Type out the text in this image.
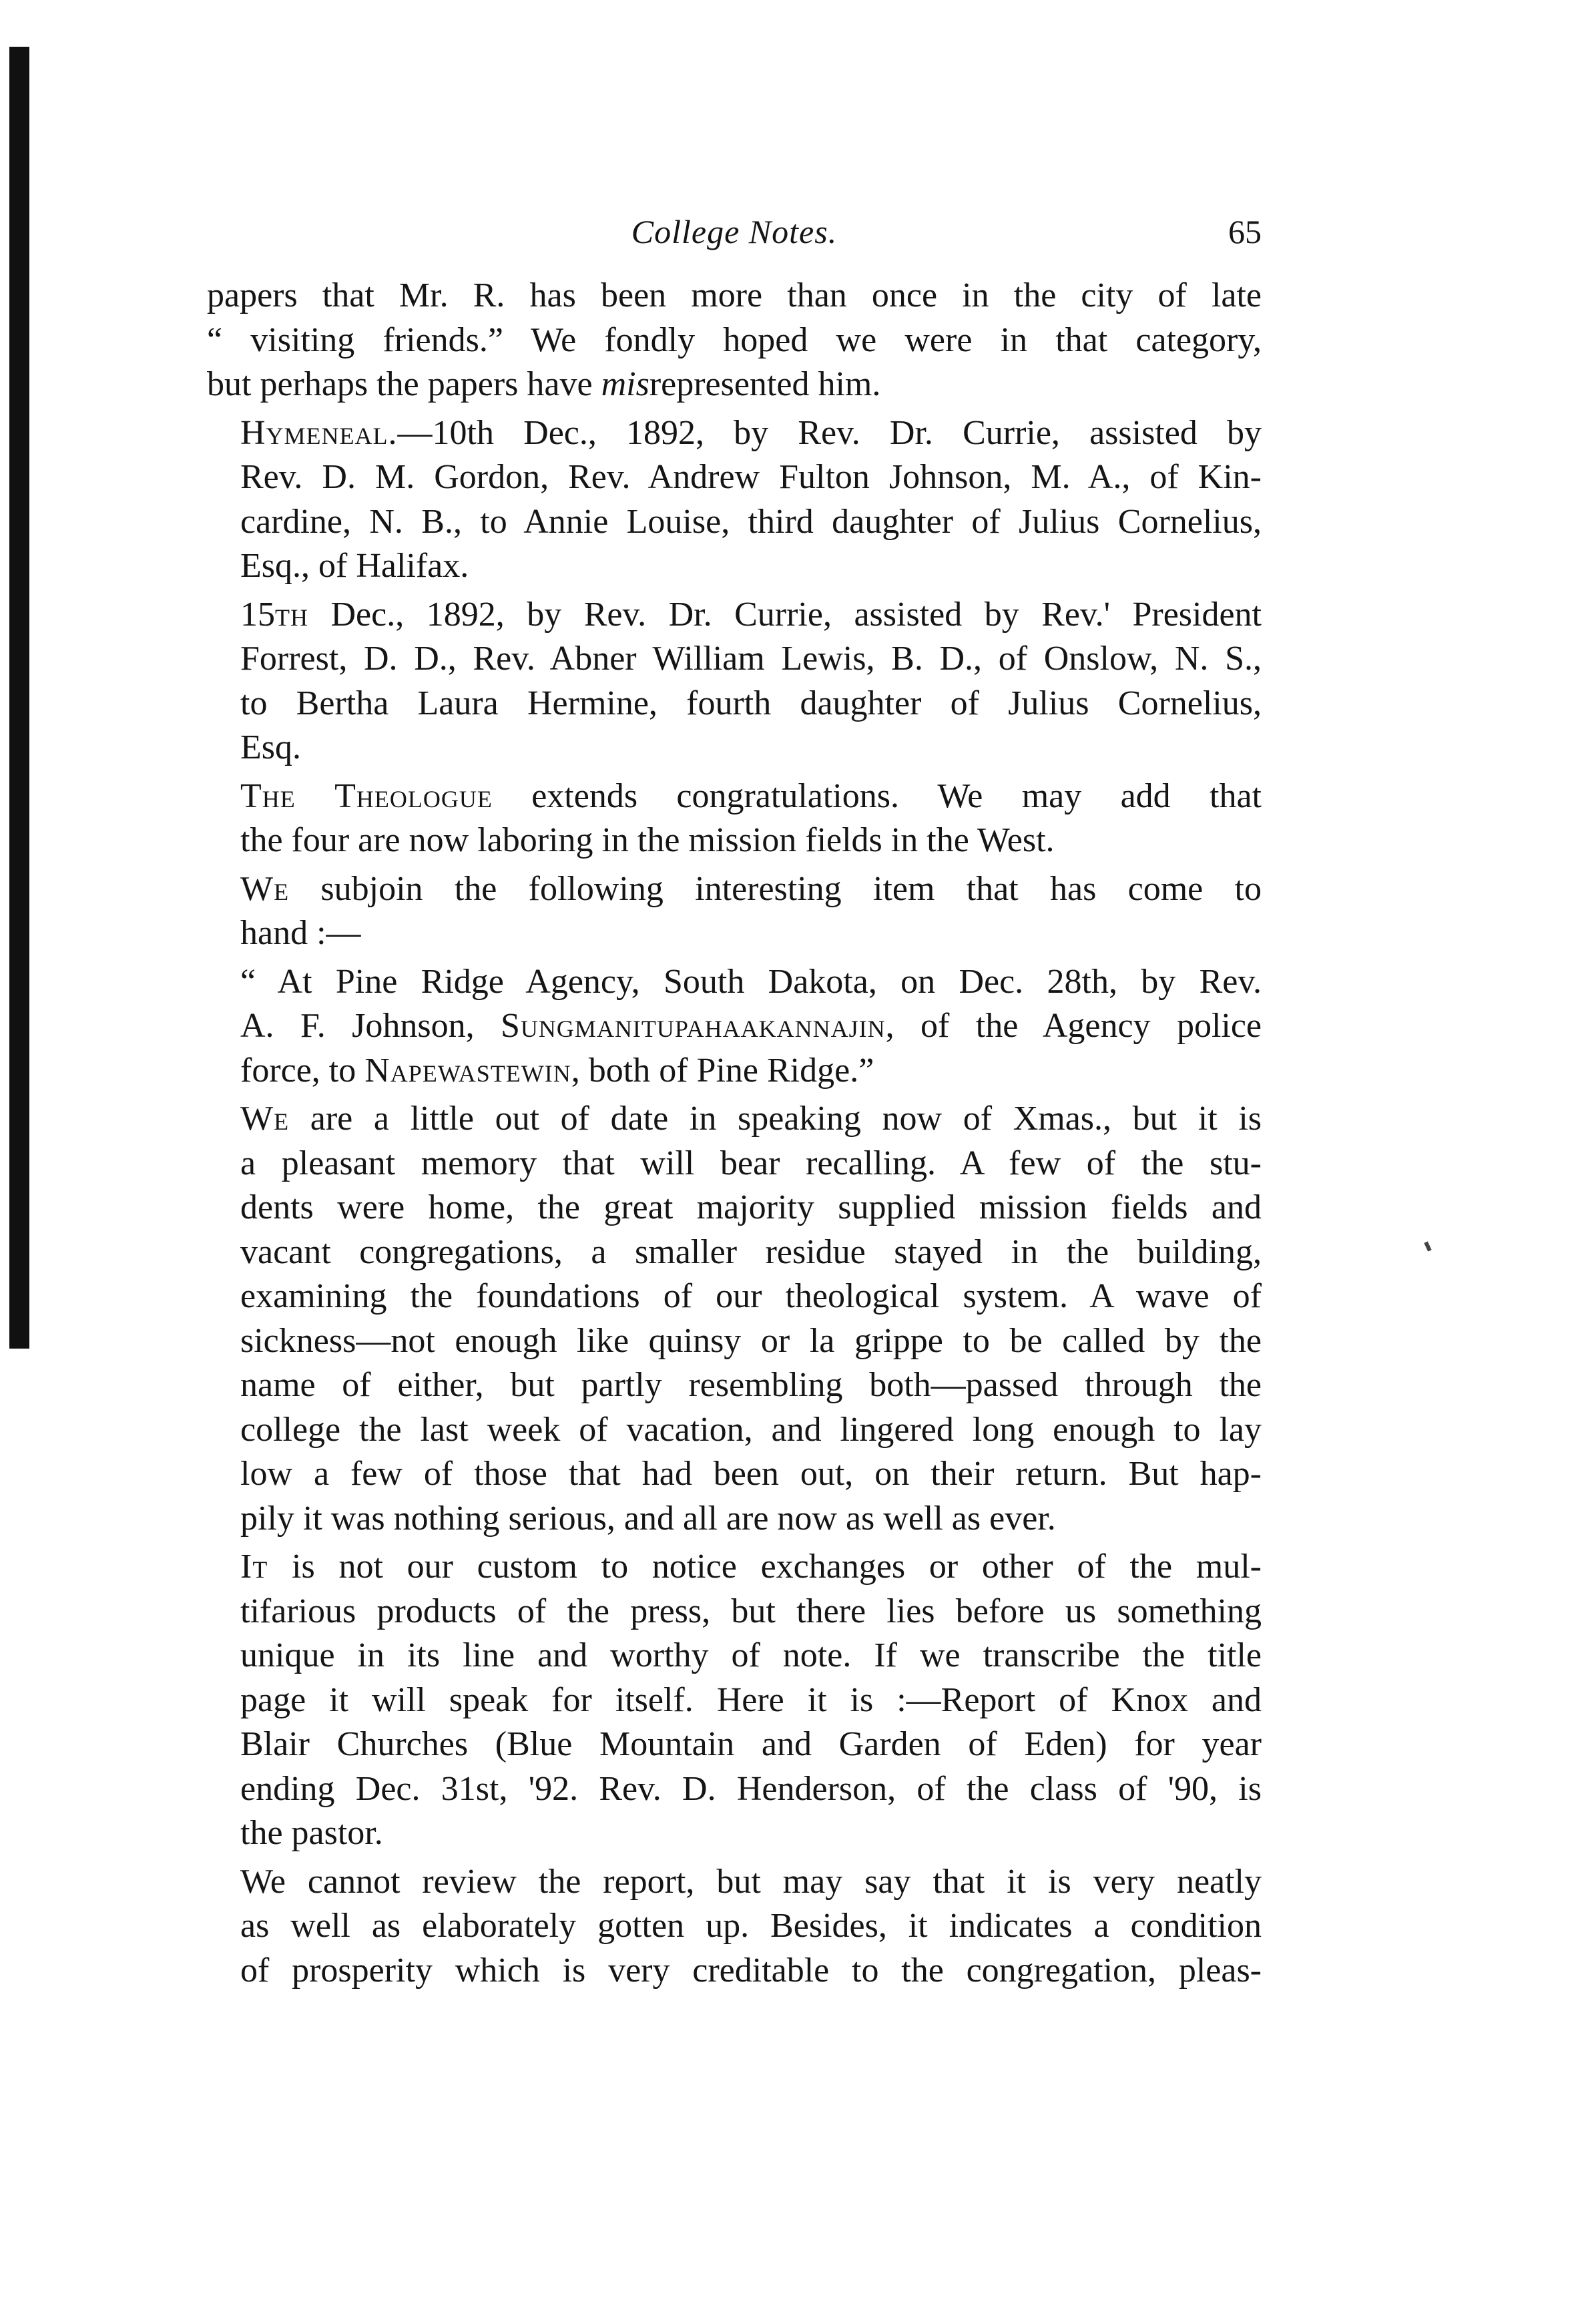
College Notes.	65

papers that Mr. R. has been more than once in the city of late
“ visiting friends.” We fondly hoped we were in that category,
but perhaps the papers have misrepresented him.

Hymeneal.—10th Dec., 1892, by Rev. Dr. Currie, assisted by
Rev. D. M. Gordon, Rev. Andrew Fulton Johnson, M. A., of Kin-
cardine, N. B., to Annie Louise, third daughter of Julius Cornelius,
Esq., of Halifax.

15th Dec., 1892, by Rev. Dr. Currie, assisted by Rev.' President
Forrest, D. D., Rev. Abner William Lewis, B. D., of Onslow, N. S.,
to Bertha Laura Hermine, fourth daughter of Julius Cornelius,
Esq.

The Theologue extends congratulations. We may add that
the four are now laboring in the mission fields in the West.

We subjoin the following interesting item that has come to
hand :—

“ At Pine Ridge Agency, South Dakota, on Dec. 28th, by Rev.
A. F. Johnson, Sungmanitupahaakannajin, of the Agency police
force, to Napewastewin, both of Pine Ridge.”

We are a little out of date in speaking now of Xmas., but it is
a pleasant memory that will bear recalling. A few of the stu-
dents were home, the great majority supplied mission fields and
vacant congregations, a smaller residue stayed in the building,
examining the foundations of our theological system. A wave of
sickness—not enough like quinsy or la grippe to be called by the
name of either, but partly resembling both—passed through the
college the last week of vacation, and lingered long enough to lay
low a few of those that had been out, on their return. But hap-
pily it was nothing serious, and all are now as well as ever.

It is not our custom to notice exchanges or other of the mul-
tifarious products of the press, but there lies before us something
unique in its line and worthy of note. If we transcribe the title
page it will speak for itself. Here it is :—Report of Knox and
Blair Churches (Blue Mountain and Garden of Eden) for year
ending Dec. 31st, '92. Rev. D. Henderson, of the class of '90, is
the pastor.

We cannot review the report, but may say that it is very neatly
as well as elaborately gotten up. Besides, it indicates a condition
of prosperity which is very creditable to the congregation, pleas-
